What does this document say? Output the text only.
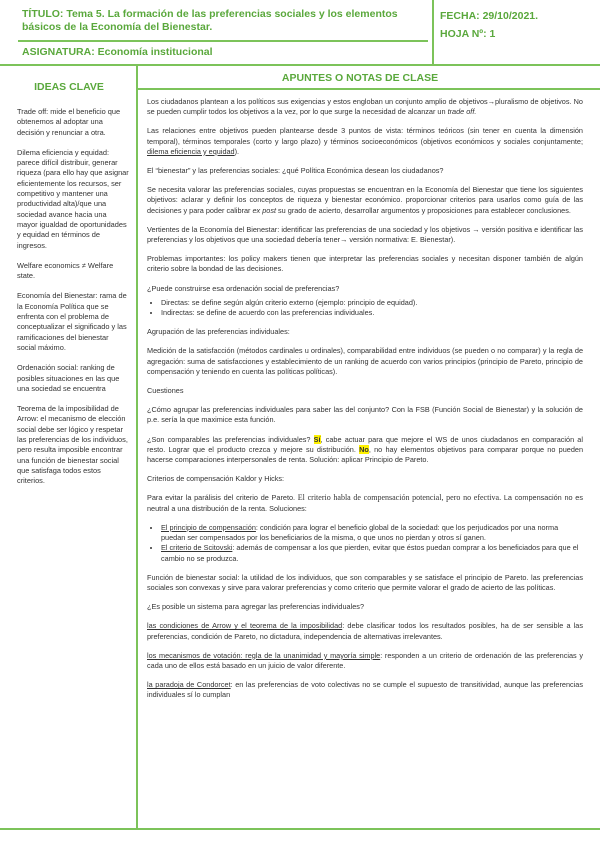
TÍTULO: Tema 5. La formación de las preferencias sociales y los elementos
básicos de la Economía del Bienestar.
ASIGNATURA: Economía institucional
FECHA: 29/10/2021.
HOJA Nº: 1
IDEAS CLAVE
APUNTES O NOTAS DE CLASE

Trade off: mide el beneficio que obtenemos al adoptar una decisión y renunciar a otra.

Dilema eficiencia y equidad: parece difícil distribuir, generar riqueza (para ello hay que asignar eficientemente los recursos, ser competitivo y mantener una productividad alta)/que una sociedad avance hacia una mayor igualdad de oportunidades y equidad en términos de ingresos.

Welfare economics ≠ Welfare state.

Economía del Bienestar: rama de la Economía Política que se enfrenta con el problema de conceptualizar el significado y las ramificaciones del bienestar social máximo.

Ordenación social: ranking de posibles situaciones en las que una sociedad se encuentra

Teorema de la imposibilidad de Arrow: el mecanismo de elección social debe ser lógico y respetar las preferencias de los individuos, pero resulta imposible encontrar una función de bienestar social que satisfaga todos estos criterios.

Los ciudadanos plantean a los políticos sus exigencias y estos engloban un conjunto amplio de objetivos→pluralismo de objetivos. No se pueden cumplir todos los objetivos a la vez, por lo que surge la necesidad de alcanzar un trade off.

Las relaciones entre objetivos pueden plantearse desde 3 puntos de vista: términos teóricos (sin tener en cuenta la dimensión temporal), términos temporales (corto y largo plazo) y términos socioeconómicos (objetivos económicos y sociales conjuntamente; dilema eficiencia y equidad).

El “bienestar” y las preferencias sociales: ¿qué Política Económica desean los ciudadanos?

Se necesita valorar las preferencias sociales, cuyas propuestas se encuentran en la Economía del Bienestar que tiene los siguientes objetivos: aclarar y definir los conceptos de riqueza y bienestar económico. proporcionar criterios para usarlos como guía de las decisiones y para poder calibrar ex post su grado de acierto, desarrollar argumentos y proposiciones para establecer conclusiones.

Vertientes de la Economía del Bienestar: identificar las preferencias de una sociedad y los objetivos → versión positiva e identificar las preferencias y los objetivos que una sociedad debería tener→ versión normativa: E. Bienestar).

Problemas importantes: los policy makers tienen que interpretar las preferencias sociales y necesitan disponer también de algún criterio sobre la bondad de las decisiones.

¿Puede construirse esa ordenación social de preferencias?

• Directas: se define según algún criterio externo (ejemplo: principio de equidad).
• Indirectas: se define de acuerdo con las preferencias individuales.

Agrupación de las preferencias individuales:

Medición de la satisfacción (métodos cardinales u ordinales), comparabilidad entre individuos (se pueden o no comparar) y la regla de agregación: suma de satisfacciones y establecimiento de un ranking de acuerdo con varios principios (principio de Pareto, principio de compensación y teniendo en cuenta las políticas políticas).

Cuestiones

¿Cómo agrupar las preferencias individuales para saber las del conjunto? Con la FSB (Función Social de Bienestar) y la solución de p.e. sería la que maximice esta función.

¿Son comparables las preferencias individuales? Sí, cabe actuar para que mejore el WS de unos ciudadanos en comparación al resto. Lograr que el producto crezca y mejore su distribución. No, no hay elementos objetivos para comparar porque no pueden hacerse comparaciones interpersonales de renta. Solución: aplicar Principio de Pareto.

Criterios de compensación Kaldor y Hicks:

Para evitar la parálisis del criterio de Pareto. El criterio habla de compensación potencial, pero no efectiva. La compensación no es neutral a una distribución de la renta. Soluciones:

• El principio de compensación: condición para lograr el beneficio global de la sociedad: que los perjudicados por una norma puedan ser compensados por los beneficiarios de la misma, o que unos no pierdan y otros sí ganen.
• El criterio de Scitovski: además de compensar a los que pierden, evitar que éstos puedan comprar a los beneficiados para que el cambio no se produzca.

Función de bienestar social: la utilidad de los individuos, que son comparables y se satisface el principio de Pareto. las preferencias sociales son convexas y sirve para valorar preferencias y como criterio que permite valorar el grado de acierto de las políticas.

¿Es posible un sistema para agregar las preferencias individuales?

las condiciones de Arrow y el teorema de la imposibilidad: debe clasificar todos los resultados posibles, ha de ser sensible a las preferencias, condición de Pareto, no dictadura, independencia de alternativas irrelevantes.

los mecanismos de votación: regla de la unanimidad y mayoría simple: responden a un criterio de ordenación de las preferencias y cada uno de ellos está basado en un juicio de valor diferente.

la paradoja de Condorcet: en las preferencias de voto colectivas no se cumple el supuesto de transitividad, aunque las preferencias individuales sí lo cumplan
